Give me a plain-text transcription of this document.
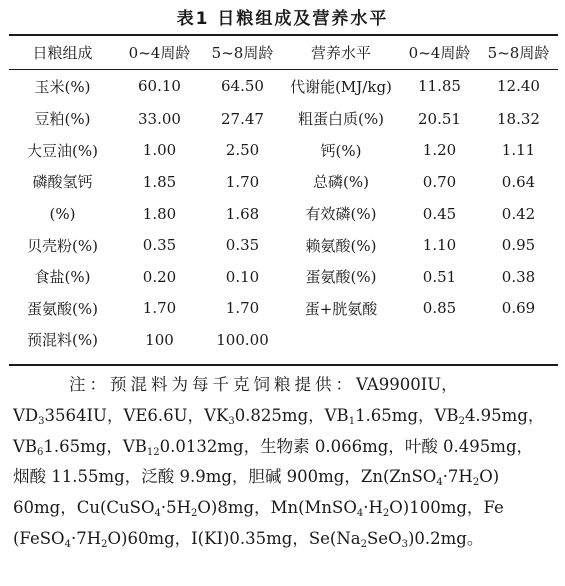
表1 日粮组成及营养水平
日粮组成	0~4周龄	5~8周龄	营养水平	0~4周龄	5~8周龄
玉米(%)	60.10	64.50	代谢能(MJ/kg)	11.85	12.40
豆粕(%)	33.00	27.47	粗蛋白质(%)	20.51	18.32
大豆油(%)	1.00	2.50	钙(%)	1.20	1.11
磷酸氢钙	1.85	1.70	总磷(%)	0.70	0.64
(%)	1.80	1.68	有效磷(%)	0.45	0.42
贝壳粉(%)	0.35	0.35	赖氨酸(%)	1.10	0.95
食盐(%)	0.20	0.10	蛋氨酸(%)	0.51	0.38
蛋氨酸(%)	1.70	1.70	蛋+胱氨酸	0.85	0.69
预混料(%)	100	100.00			
注：预混料为每千克饲粮提供：VA9900IU，
$VD_33564IU$，VE6.6U，$VK_30.825mg$，$VB_11.65mg$，$VB_24.95mg$，
$VB_61.65mg$，$VB_{12}0.0132mg$，生物素 0.066mg，叶酸 0.495mg，
烟酸 11.55mg，泛酸 9.9mg，胆碱 900mg，$Zn(ZnSO_4\cdot 7H_2O)$
60mg，$Cu(CuSO_4\cdot 5H_2O)8mg$，$Mn(MnSO_4\cdot H_2O)100mg$，Fe
$(FeSO_4\cdot 7H_2O)60mg$，I(KI)0.35mg，$Se(Na_2SeO_3)0.2mg$。
